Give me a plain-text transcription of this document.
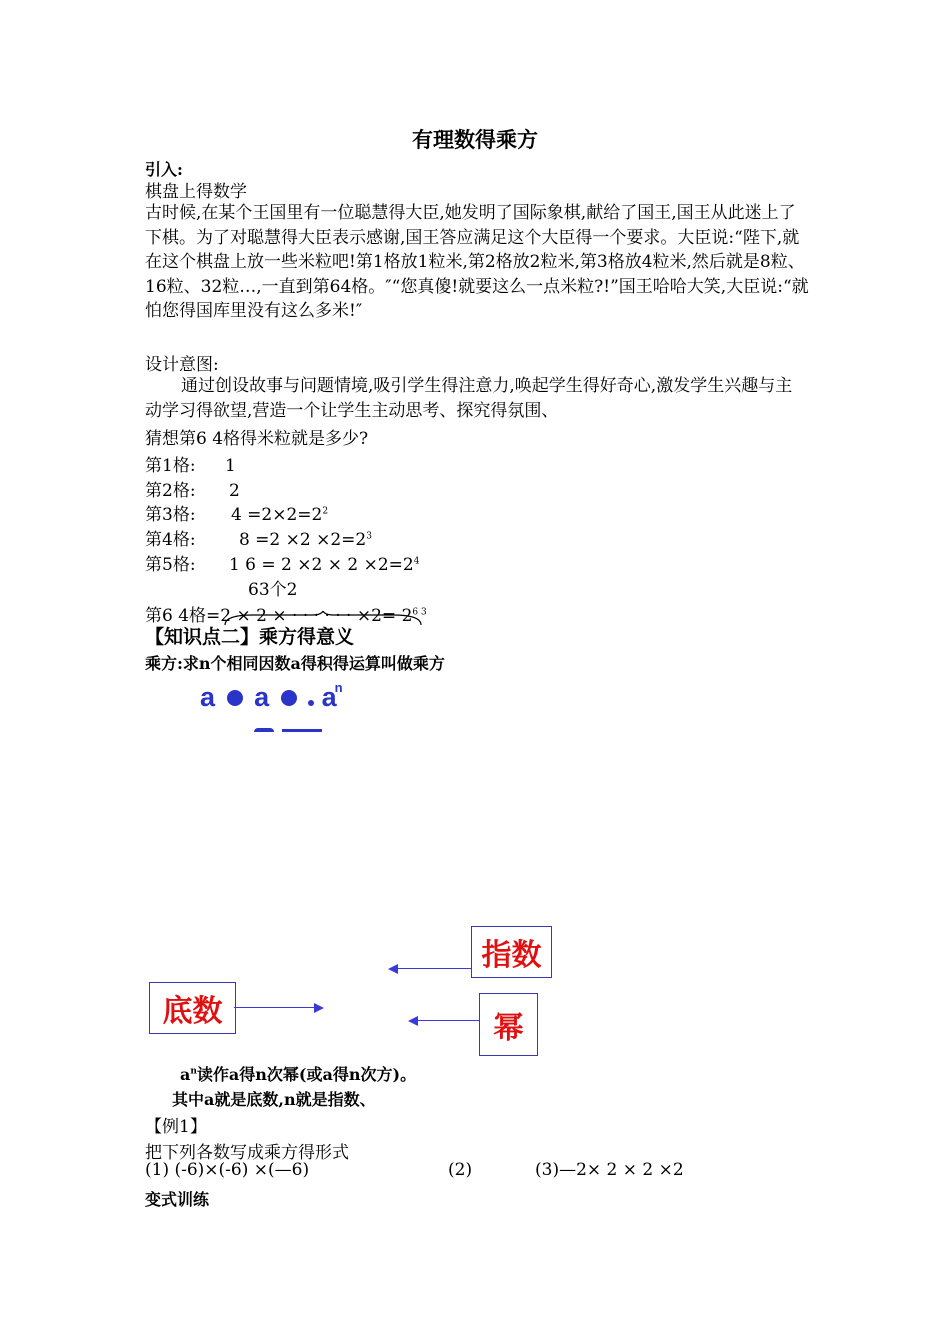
有理数得乘方
引入:
棋盘上得数学
古时候,在某个王国里有一位聪慧得大臣,她发明了国际象棋,献给了国王,国王从此迷上了下棋。为了对聪慧得大臣表示感谢,国王答应满足这个大臣得一个要求。大臣说:“陛下,就在这个棋盘上放一些米粒吧!第1格放1粒米,第2格放2粒米,第3格放4粒米,然后就是8粒、16粒、32粒…,一直到第64格。″“您真傻!就要这么一点米粒?!”国王哈哈大笑,大臣说:“就怕您得国库里没有这么多米!″
设计意图:
通过创设故事与问题情境,吸引学生得注意力,唤起学生得好奇心,激发学生兴趣与主动学习得欲望,营造一个让学生主动思考、探究得氛围、
猜想第6 4格得米粒就是多少?
第1格: 1
第2格: 2
第3格: $4 =2\times 2=2^2$
第4格:	$8 =2 \times 2 \times 2=2^3$
第5格: 1 $6 = 2 \times 2 \times 2 \times 2=2^4$
63个2
第6 4格=2 × 2 × · · · · · · $\times 2= 2^{6 3}$
【知识点二】乘方得意义
乘方:求n个相同因数a得积得运算叫做乘方
a a $a^n$
指数
底数	幂
$a^n$读作a得n次幂(或a得n次方)。
其中a就是底数,n就是指数、
【例1】
把下列各数写成乘方得形式
(1) (-6)×(-6) ×(—6)	(2)	(3)—2× 2 × 2 ×2
变式训练
